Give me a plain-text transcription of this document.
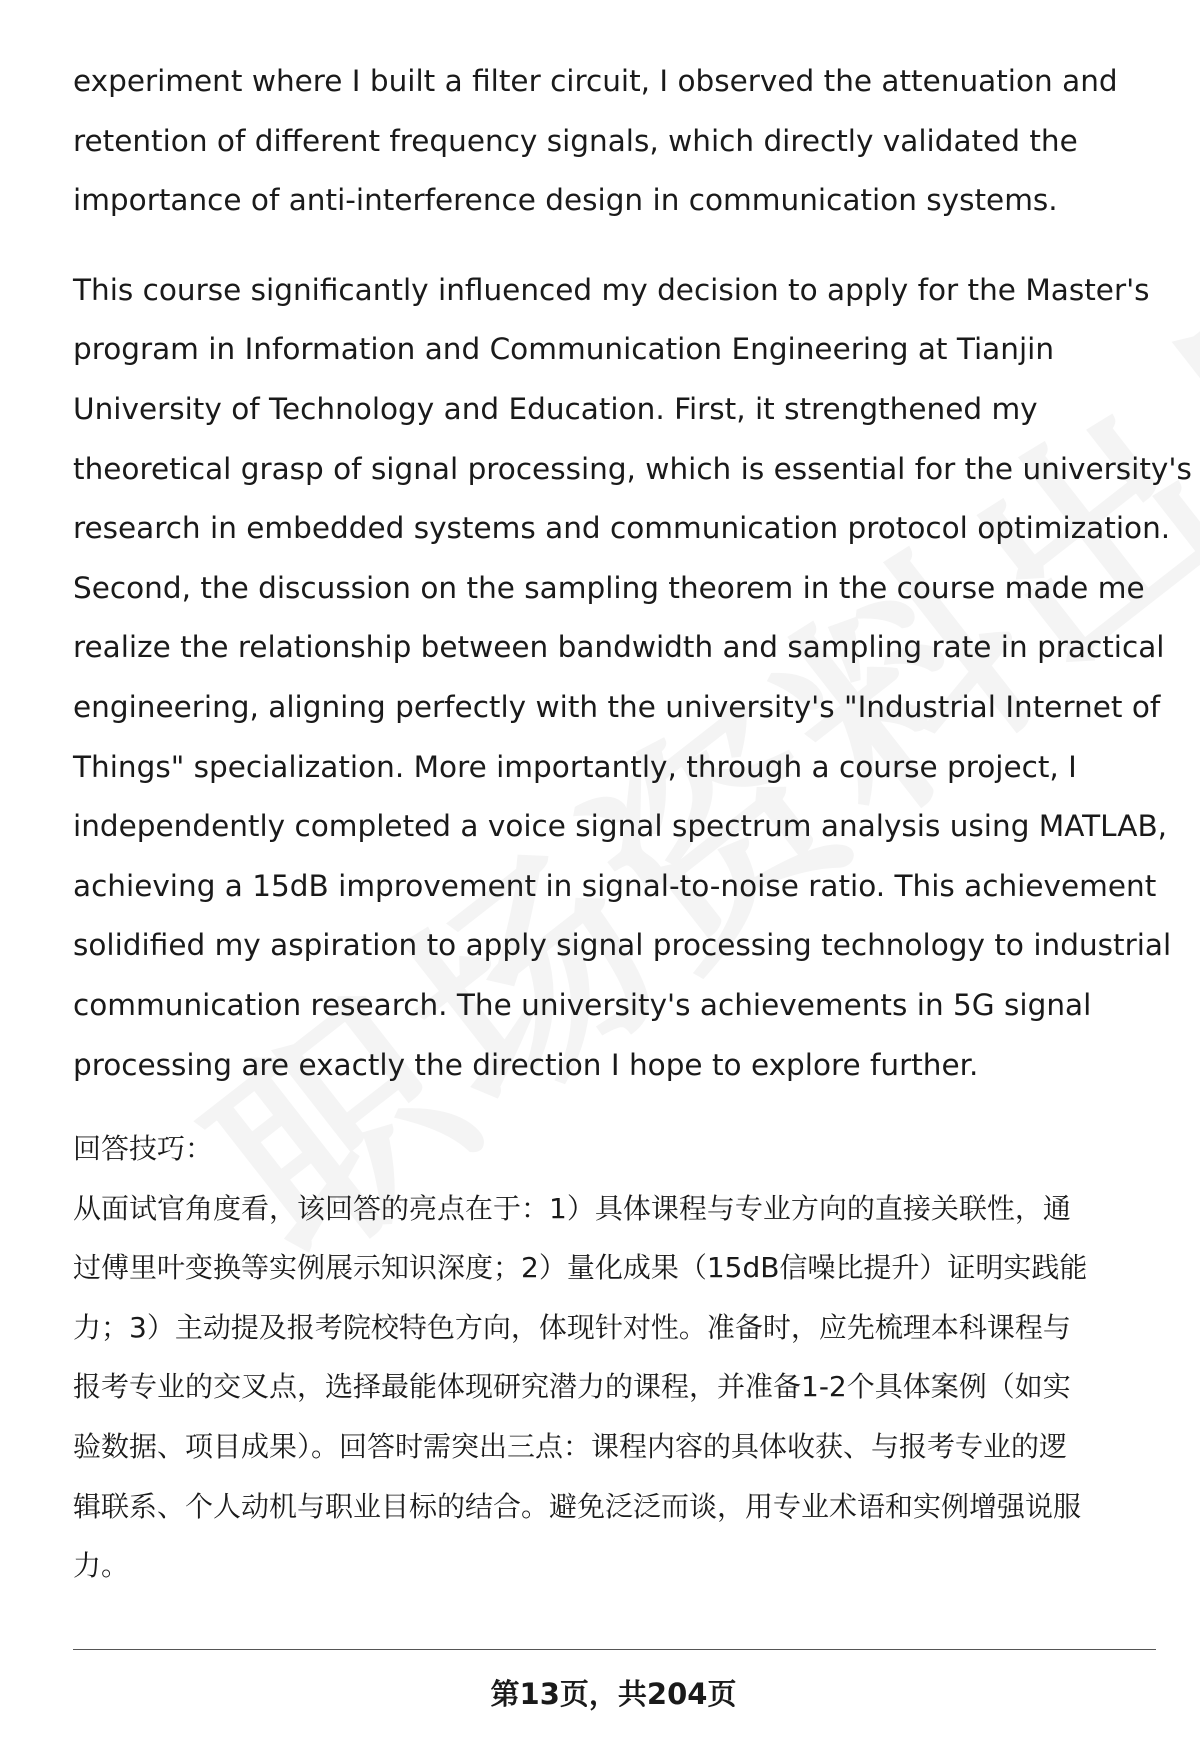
experiment where I built a filter circuit, I observed the attenuation and
retention of different frequency signals, which directly validated the
importance of anti-interference design in communication systems.
This course significantly influenced my decision to apply for the Master's
program in Information and Communication Engineering at Tianjin
University of Technology and Education. First, it strengthened my
theoretical grasp of signal processing, which is essential for the university's
research in embedded systems and communication protocol optimization.
Second, the discussion on the sampling theorem in the course made me
realize the relationship between bandwidth and sampling rate in practical
engineering, aligning perfectly with the university's "Industrial Internet of
Things" specialization. More importantly, through a course project, I
independently completed a voice signal spectrum analysis using MATLAB,
achieving a 15dB improvement in signal-to-noise ratio. This achievement
solidified my aspiration to apply signal processing technology to industrial
communication research. The university's achievements in 5G signal
processing are exactly the direction I hope to explore further.
回答技巧：
从面试官角度看，该回答的亮点在于：1）具体课程与专业方向的直接关联性，通
过傅里叶变换等实例展示知识深度；2）量化成果（15dB信噪比提升）证明实践能
力；3）主动提及报考院校特色方向，体现针对性。准备时，应先梳理本科课程与
报考专业的交叉点，选择最能体现研究潜力的课程，并准备1-2个具体案例（如实
验数据、项目成果）。回答时需突出三点：课程内容的具体收获、与报考专业的逻
辑联系、个人动机与职业目标的结合。避免泛泛而谈，用专业术语和实例增强说服
力。
第13页，共204页
